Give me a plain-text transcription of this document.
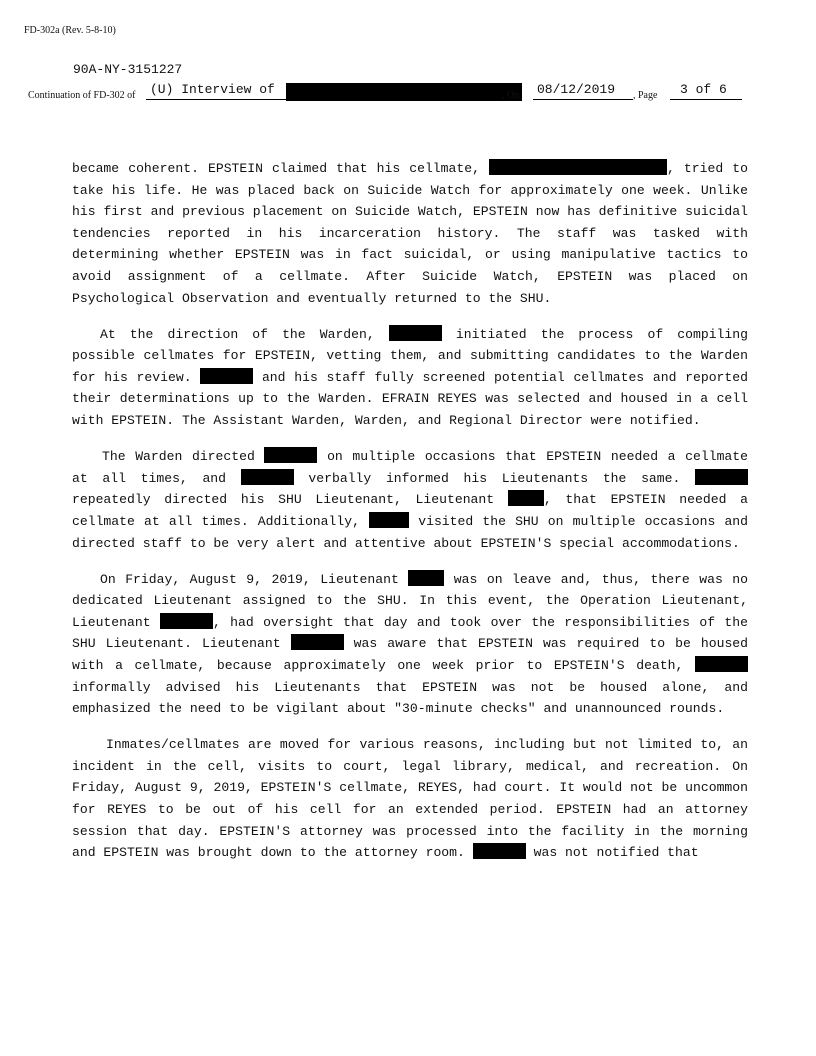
FD-302a (Rev. 5-8-10)
90A-NY-3151227
Continuation of FD-302 of (U) Interview of	, On 08/12/2019 , Page 3 of 6

became coherent. EPSTEIN claimed that his cellmate,	, tried to take his life. He was placed back on Suicide Watch for approximately one week. Unlike his first and previous placement on Suicide Watch, EPSTEIN now has definitive suicidal tendencies reported in his incarceration history. The staff was tasked with determining whether EPSTEIN was in fact suicidal, or using manipulative tactics to avoid assignment of a cellmate. After Suicide Watch, EPSTEIN was placed on Psychological Observation and eventually returned to the SHU.

At the direction of the Warden,	initiated the process of compiling possible cellmates for EPSTEIN, vetting them, and submitting candidates to the Warden for his review.	and his staff fully screened potential cellmates and reported their determinations up to the Warden. EFRAIN REYES was selected and housed in a cell with EPSTEIN. The Assistant Warden, Warden, and Regional Director were notified.

The Warden directed	on multiple occasions that EPSTEIN needed a cellmate at all times, and	verbally informed his Lieutenants the same.  repeatedly directed his SHU Lieutenant, Lieutenant	, that EPSTEIN needed a cellmate at all times. Additionally,	visited the SHU on multiple occasions and directed staff to be very alert and attentive about EPSTEIN'S special accommodations.

On Friday, August 9, 2019, Lieutenant	was on leave and, thus, there was no dedicated Lieutenant assigned to the SHU. In this event, the Operation Lieutenant, Lieutenant	, had oversight that day and took over the responsibilities of the SHU Lieutenant. Lieutenant	was aware that EPSTEIN was required to be housed with a cellmate, because approximately one week prior to EPSTEIN'S death,  informally advised his Lieutenants that EPSTEIN was not be housed alone, and emphasized the need to be vigilant about "30-minute checks" and unannounced rounds.

Inmates/cellmates are moved for various reasons, including but not limited to, an incident in the cell, visits to court, legal library, medical, and recreation. On Friday, August 9, 2019, EPSTEIN'S cellmate, REYES, had court. It would not be uncommon for REYES to be out of his cell for an extended period. EPSTEIN had an attorney session that day. EPSTEIN'S attorney was processed into the facility in the morning and EPSTEIN was brought down to the attorney room.	was not notified that
